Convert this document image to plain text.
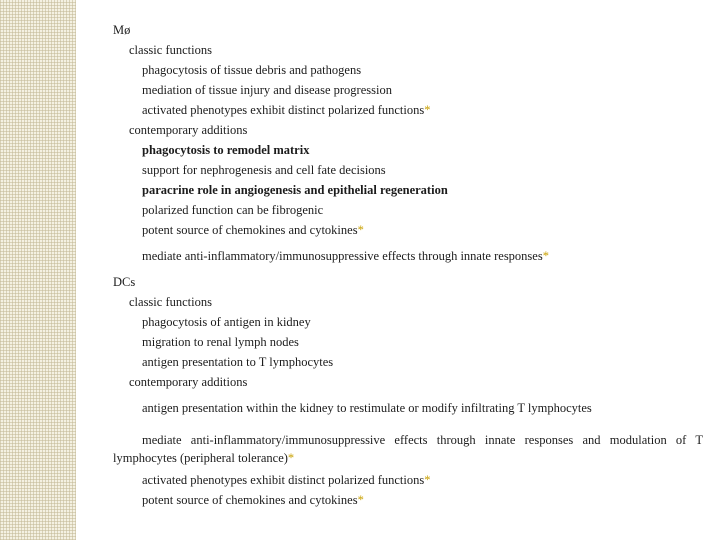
Mø
classic functions
phagocytosis of tissue debris and pathogens
mediation of tissue injury and disease progression
activated phenotypes exhibit distinct polarized functions*
contemporary additions
phagocytosis to remodel matrix
support for nephrogenesis and cell fate decisions
paracrine role in angiogenesis and epithelial regeneration
polarized function can be fibrogenic
potent source of chemokines and cytokines*
mediate anti-inflammatory/immunosuppressive effects through innate responses*
DCs
classic functions
phagocytosis of antigen in kidney
migration to renal lymph nodes
antigen presentation to T lymphocytes
contemporary additions
antigen presentation within the kidney to restimulate or modify infiltrating T lymphocytes
mediate anti-inflammatory/immunosuppressive effects through innate responses and modulation of T lymphocytes (peripheral tolerance)*
activated phenotypes exhibit distinct polarized functions*
potent source of chemokines and cytokines*
